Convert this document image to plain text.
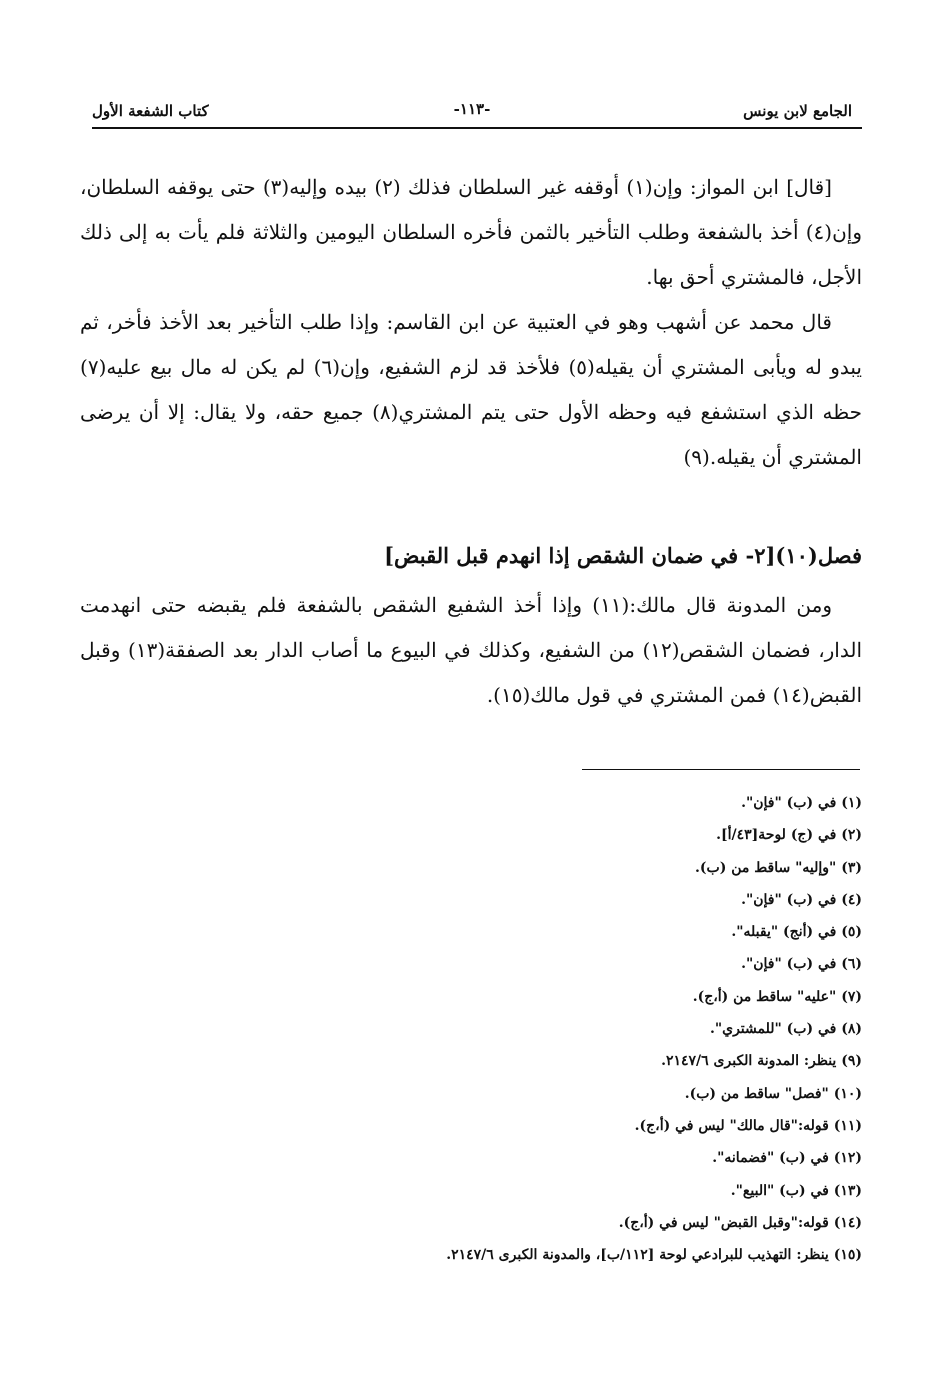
الجامع لابن يونس
-١١٣-
كتاب الشفعة الأول

[قال] ابن المواز: وإن(١) أوقفه غير السلطان فذلك (٢) بيده وإليه(٣) حتى يوقفه السلطان، وإن(٤) أخذ بالشفعة وطلب التأخير بالثمن فأخره السلطان اليومين والثلاثة فلم يأت به إلى ذلك الأجل، فالمشتري أحق بها.

قال محمد عن أشهب وهو في العتبية عن ابن القاسم: وإذا طلب التأخير بعد الأخذ فأخر، ثم يبدو له ويأبى المشتري أن يقيله(٥) فلأخذ قد لزم الشفيع، وإن(٦) لم يكن له مال بيع عليه(٧) حظه الذي استشفع فيه وحظه الأول حتى يتم المشتري(٨) جميع حقه، ولا يقال: إلا أن يرضى المشتري أن يقيله.(٩)

فصل(١٠)[٢- في ضمان الشقص إذا انهدم قبل القبض]

ومن المدونة قال مالك:(١١) وإذا أخذ الشفيع الشقص بالشفعة فلم يقبضه حتى انهدمت الدار، فضمان الشقص(١٢) من الشفيع، وكذلك في البيوع ما أصاب الدار بعد الصفقة(١٣) وقبل القبض(١٤) فمن المشتري في قول مالك(١٥).

(١) في (ب) "فإن".

(٢) في (ج) لوحة[٤٣/أ].

(٣) "وإليه" ساقط من (ب).

(٤) في (ب) "فإن".

(٥) في (أنج) "يقبله".

(٦) في (ب) "فإن".

(٧) "عليه" ساقط من (أ،ج).

(٨) في (ب) "للمشتري".

(٩) ينظر: المدونة الكبرى ٢١٤٧/٦.

(١٠) "فصل" ساقط من (ب).

(١١) قوله:"قال مالك" ليس في (أ،ج).

(١٢) في (ب) "فضمانه".

(١٣) في (ب) "البيع".

(١٤) قوله:"وقبل القبض" ليس في (أ،ج).

(١٥) ينظر: التهذيب للبرادعي لوحة [١١٢/ب]، والمدونة الكبرى ٢١٤٧/٦.
